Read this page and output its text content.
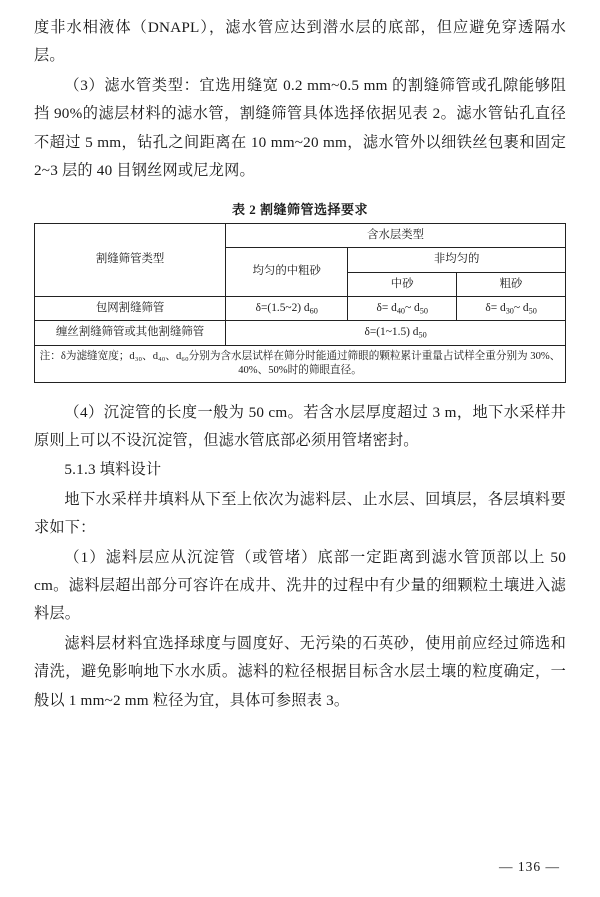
度非水相液体（DNAPL），滤水管应达到潜水层的底部，但应避免穿透隔水层。

（3）滤水管类型：宜选用缝宽 0.2 mm~0.5 mm 的割缝筛管或孔隙能够阻挡 90%的滤层材料的滤水管，割缝筛管具体选择依据见表 2。滤水管钻孔直径不超过 5 mm，钻孔之间距离在 10 mm~20 mm，滤水管外以细铁丝包裹和固定 2~3 层的 40 目钢丝网或尼龙网。

表 2 割缝筛管选择要求
割缝筛管类型	含水层类型		
	均匀的中粗砂	非均匀的	
		中砂	粗砂
包网割缝筛管	δ=(1.5~2) $d_{60}$	$\delta= d_{40}\sim$ $d_{50}$	$\delta= d_{30}\sim$ $d_{50}$
缠丝割缝筛管或其他割缝筛管	δ=(1~1.5) $d_{50}$
注：δ为滤缝宽度；d₃₀、d₄₀、d₆₀分别为含水层试样在筛分时能通过筛眼的颗粒累计重量占试样全重分别为 30%、40%、50%时的筛眼直径。			

（4）沉淀管的长度一般为 50 cm。若含水层厚度超过 3 m，地下水采样井原则上可以不设沉淀管，但滤水管底部必须用管堵密封。

5.1.3 填料设计

地下水采样井填料从下至上依次为滤料层、止水层、回填层，各层填料要求如下：

（1）滤料层应从沉淀管（或管堵）底部一定距离到滤水管顶部以上 50 cm。滤料层超出部分可容许在成井、洗井的过程中有少量的细颗粒土壤进入滤料层。

滤料层材料宜选择球度与圆度好、无污染的石英砂，使用前应经过筛选和清洗，避免影响地下水水质。滤料的粒径根据目标含水层土壤的粒度确定，一般以 1 mm~2 mm 粒径为宜，具体可参照表 3。

— 136 —
